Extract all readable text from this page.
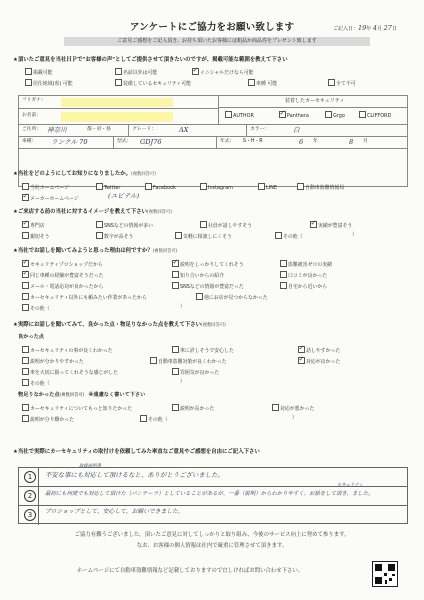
アンケートにご協力をお願い致します	ご記入日：19年 4月 27日
ご意見ご感想をご記入頂き、お持ち頂いたお客様には粗品か商品券をプレゼント致します
★頂いたご意見を当社ＨＰで"お客様の声"としてご提供させて頂きたいのですが、掲載可能な範囲を教えて下さい
掲載可能	名前以外は可能	✓ イニシャルだけなら可能
居住地域(県) 可能	装備しているセキュリティ可能	車種 可能	全て不可
フリガナ：
お名前：
装着したカーセキュリティ
AUTHOR	✓ Panthera	Grgo	CLIFFORD
ご住所： 神奈川	都・府・県	グレード：	AX	カラー：	白
車種： ランクル 70	型式： GDJ76	年式： S・H・R	6 年	8 月
★当社をどのようにしてお知りになりましたか。(複数回答可)
当社ホームページ	Twitter	Facebook	Instagram	LINE	自動車盗難情報局
✓ メーカーホームページ	(ユピテル)
★ご来店する前の当社に対するイメージを教えて下さい(複数回答可)
✓ 専門店	SNSなどの情報が多い	社員が話しやすそう	✓ 実績が豊富そう
親切そう	数字が高そう	気軽に相談しにくそう	その他（	）
★当社でお話しを聞いてみようと思った理由は何ですか？(複数回答可)
✓ セキュリティプロショップだから	✓ 説明をしっかりしてくれそう	盗難被害ゼロの実績
✓ 同じ車種の経験が豊富そうだった	知り合いからの紹介	口コミが良かった
メール・電話応対が良かったから	SNSなどの情報が豊富だった	自宅から近いから
カーセキュリティ以外にも頼みたい作業があったから	他にお店が見つからなかった
その他（	）
★実際にお話しを聞いてみて、良かった点・物足りなかった点を教えて下さい(複数回答可)
良かった点
カーセキュリティの事が良くわかった	車に詳しそうで安心した	✓ 話しやすかった
説明が分かりやすかった	自動車盗難対策が良くわかった	✓ 対応が良かった
車を大切に扱ってくれそうな感じがした	雰囲気が良かった
その他（	）
物足りなかった点(複数回答可) ※遠慮なく書いて下さい
カーセキュリティについてもっと知りたかった	説明が長かった	対応が悪かった
説明が分り難かった	その他（	）
★当社で実際にカーセキュリティの取付けを依頼してみた率直なご意見やご感想を自由にご記入下さい
1
取扱説明書
不安な事にも対応して頂けるなと、ありがとうございました。
2
セキュリティ
最初にも何度でも対応して頂けた（パンテーラ）としていることがあるが、一番（説明）からわかりやすく、お話をして頂き、ました。
3	プロショップとして、安心して、お願いできました。
ご協力有難うございました。頂いたご意見に対してしっかりと取り組み、今後のサービス向上に努めて参ります。
なお、お客様の個人情報は社内で厳重に管理させて頂きます。
ホームページにて自動車盗難情報など記載しておりますので宜しければお問い合わせ下さい。
